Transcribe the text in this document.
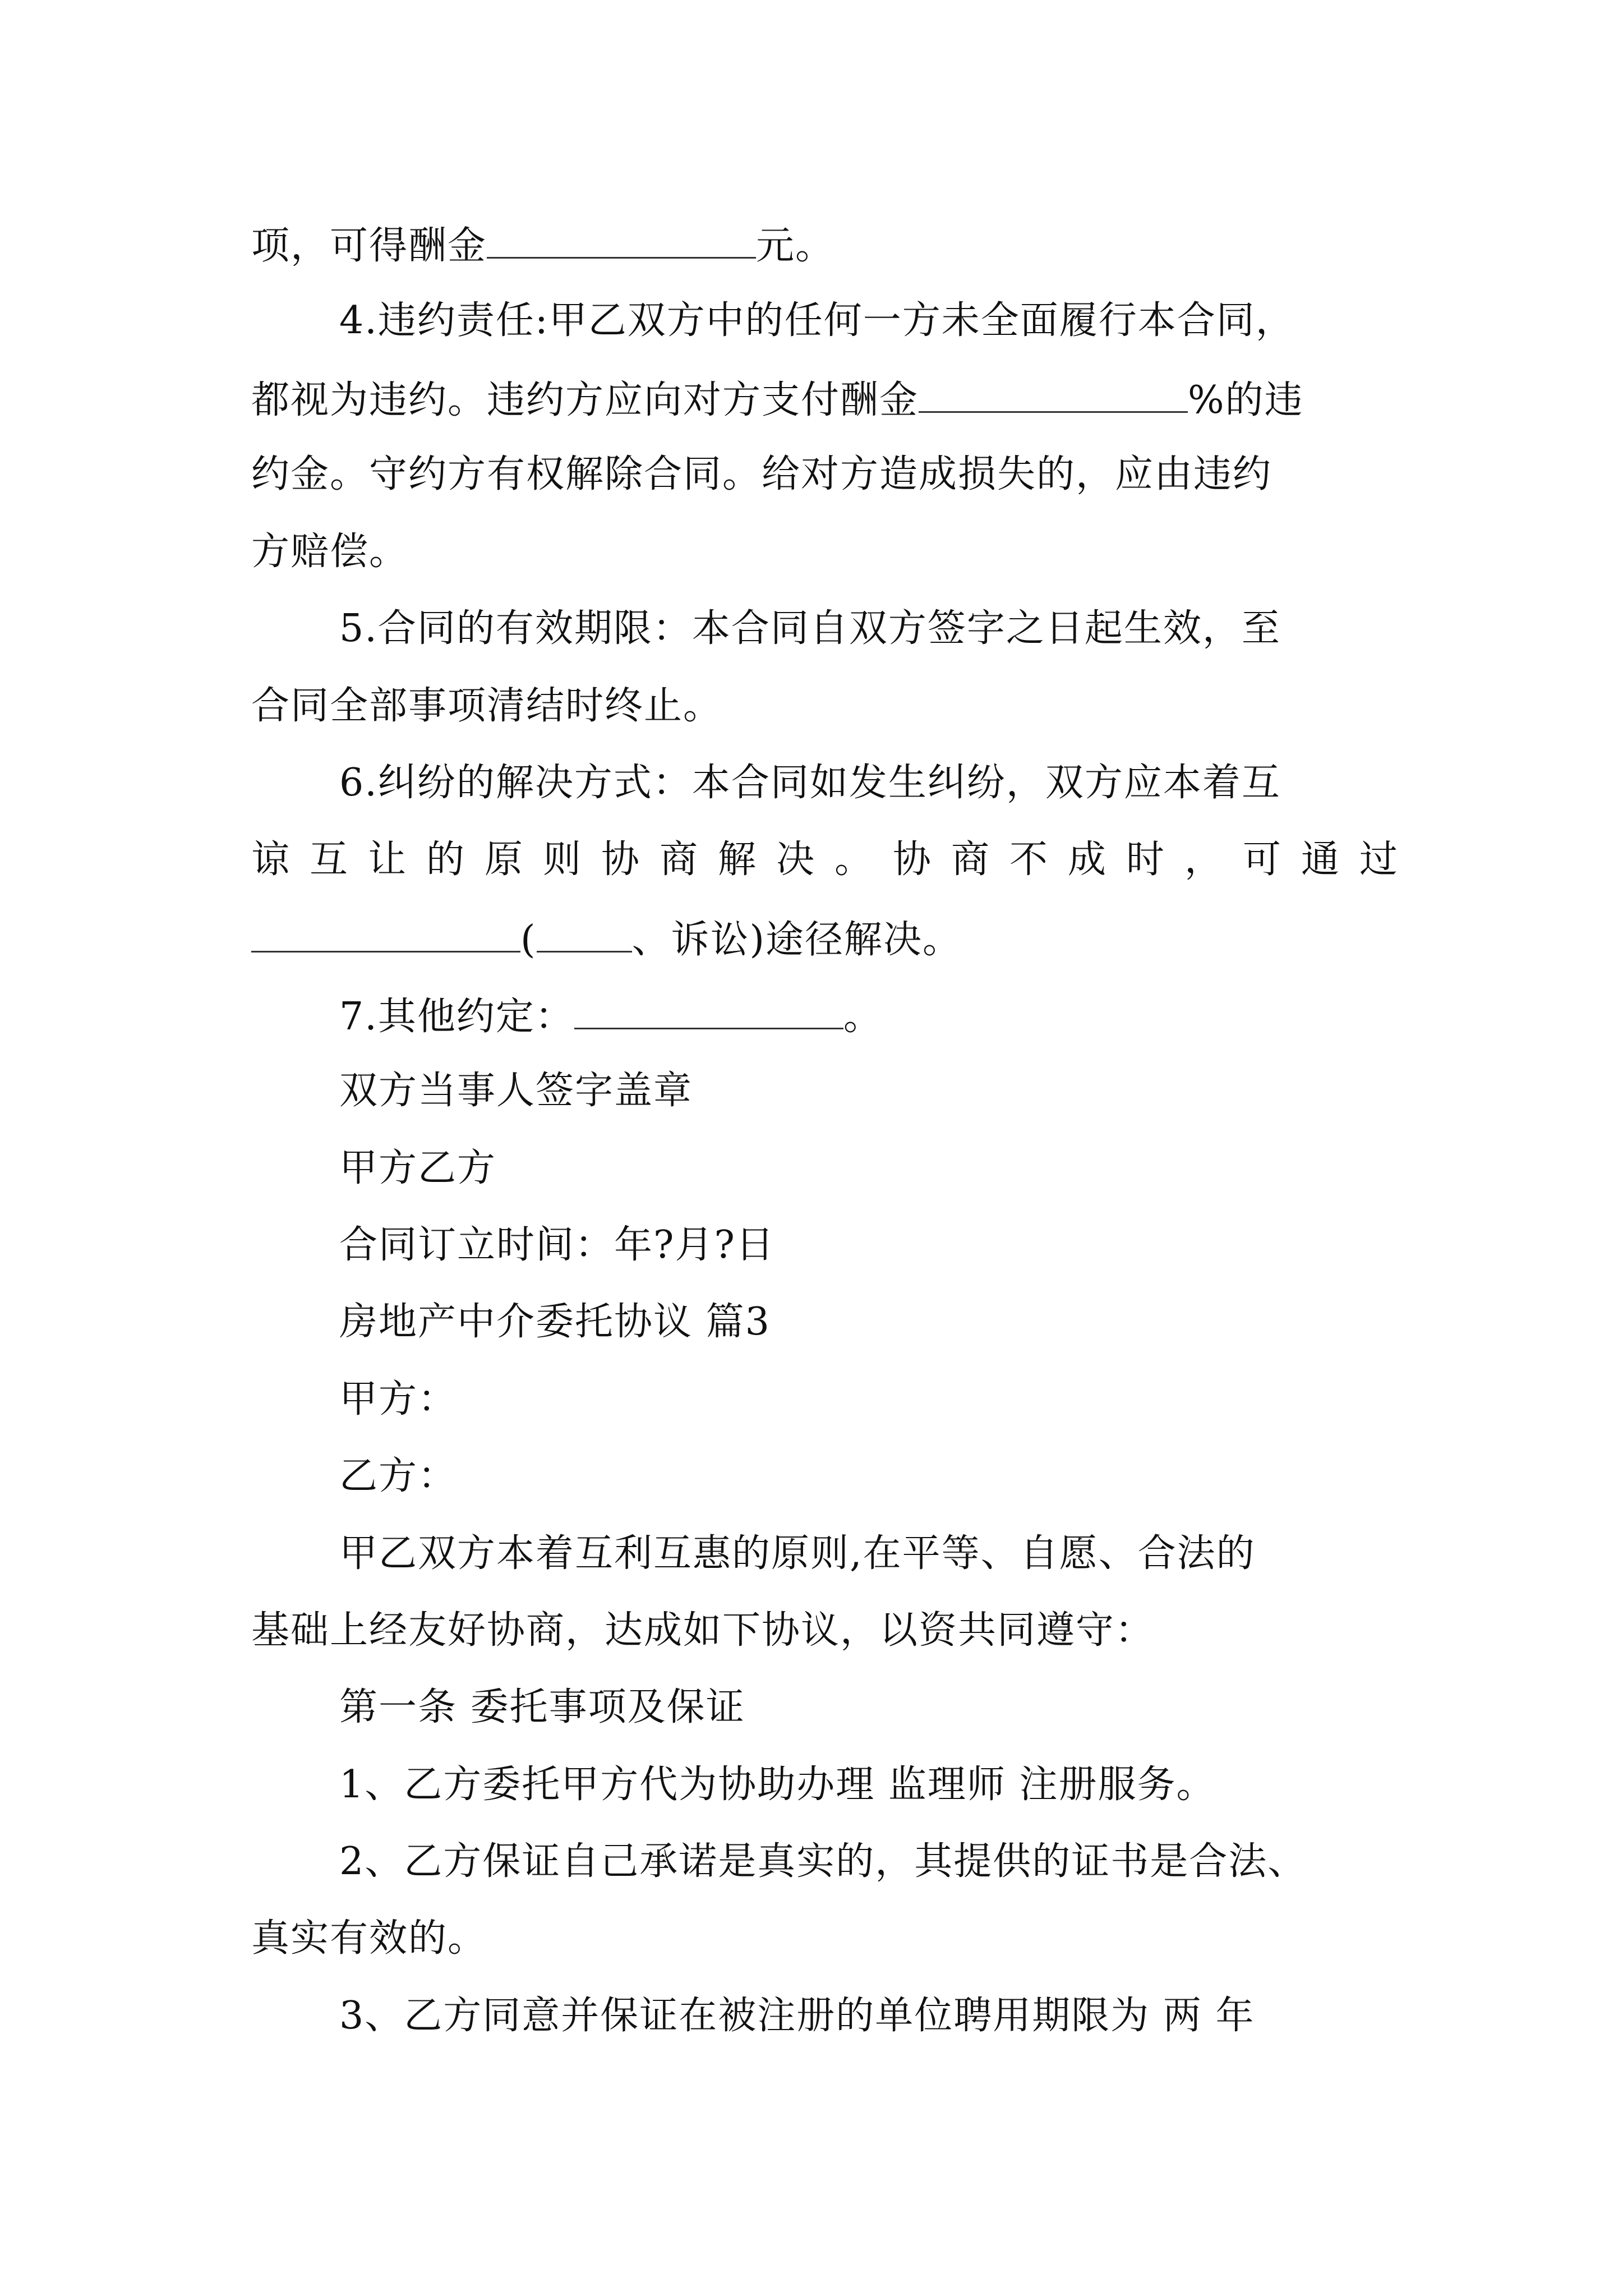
项，可得酬金	元。
4.违约责任:甲乙双方中的任何一方未全面履行本合同，
都视为违约。违约方应向对方支付酬金	%的违
约金。守约方有权解除合同。给对方造成损失的，应由违约
方赔偿。
5.合同的有效期限：本合同自双方签字之日起生效，至
合同全部事项清结时终止。
6.纠纷的解决方式：本合同如发生纠纷，双方应本着互
谅互让的原则协商解决。协商不成时，可通过
(	、诉讼)途径解决。
7.其他约定：	。
双方当事人签字盖章
甲方乙方
合同订立时间：年?月?日
房地产中介委托协议 篇3
甲方：
乙方：
甲乙双方本着互利互惠的原则,在平等、自愿、合法的
基础上经友好协商，达成如下协议，以资共同遵守：
第一条 委托事项及保证
1、乙方委托甲方代为协助办理 监理师 注册服务。
2、乙方保证自己承诺是真实的，其提供的证书是合法、
真实有效的。
3、乙方同意并保证在被注册的单位聘用期限为 两 年
